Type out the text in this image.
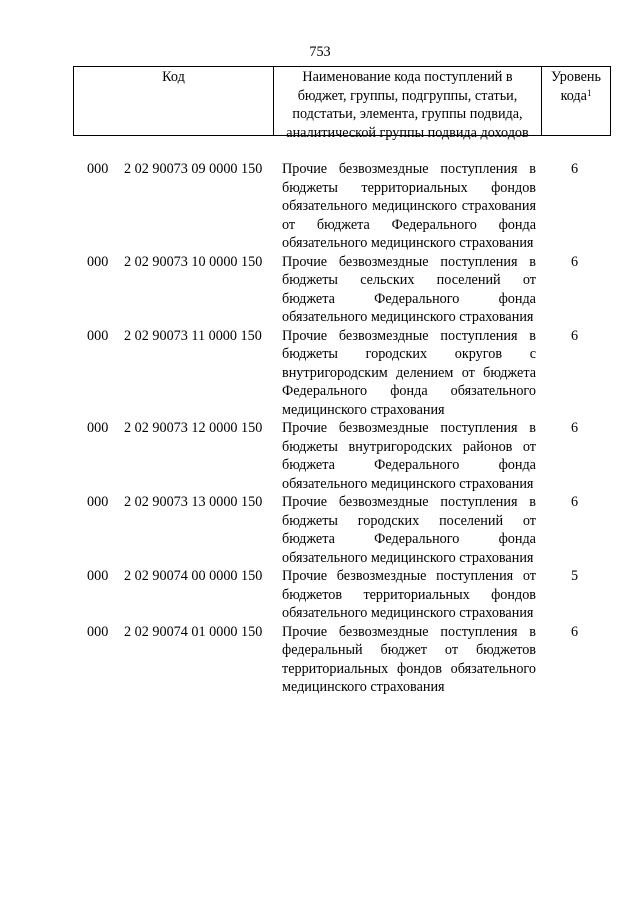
753
Код	Наименование кода поступлений в бюджет, группы, подгруппы, статьи, подстатьи, элемента, группы подвида, аналитической группы подвида доходов
Уровень кода$^1$
000 2 02 90073 09 0000 150 Прочие безвозмездные поступления в бюджеты территориальных фондов обязательного медицинского страхования от бюджета Федерального фонда обязательного медицинского страхования
6
000 2 02 90073 10 0000 150 Прочие безвозмездные поступления в бюджеты сельских поселений от бюджета Федерального фонда обязательного медицинского страхования
6
000 2 02 90073 11 0000 150 Прочие безвозмездные поступления в бюджеты городских округов с внутригородским делением от бюджета Федерального фонда обязательного медицинского страхования
6
000 2 02 90073 12 0000 150 Прочие безвозмездные поступления в бюджеты внутригородских районов от бюджета Федерального фонда обязательного медицинского страхования
6
000 2 02 90073 13 0000 150 Прочие безвозмездные поступления в бюджеты городских поселений от бюджета Федерального фонда обязательного медицинского страхования
6
000 2 02 90074 00 0000 150 Прочие безвозмездные поступления от бюджетов территориальных фондов обязательного медицинского страхования
5
000 2 02 90074 01 0000 150 Прочие безвозмездные поступления в федеральный бюджет от бюджетов территориальных фондов обязательного медицинского страхования
6
